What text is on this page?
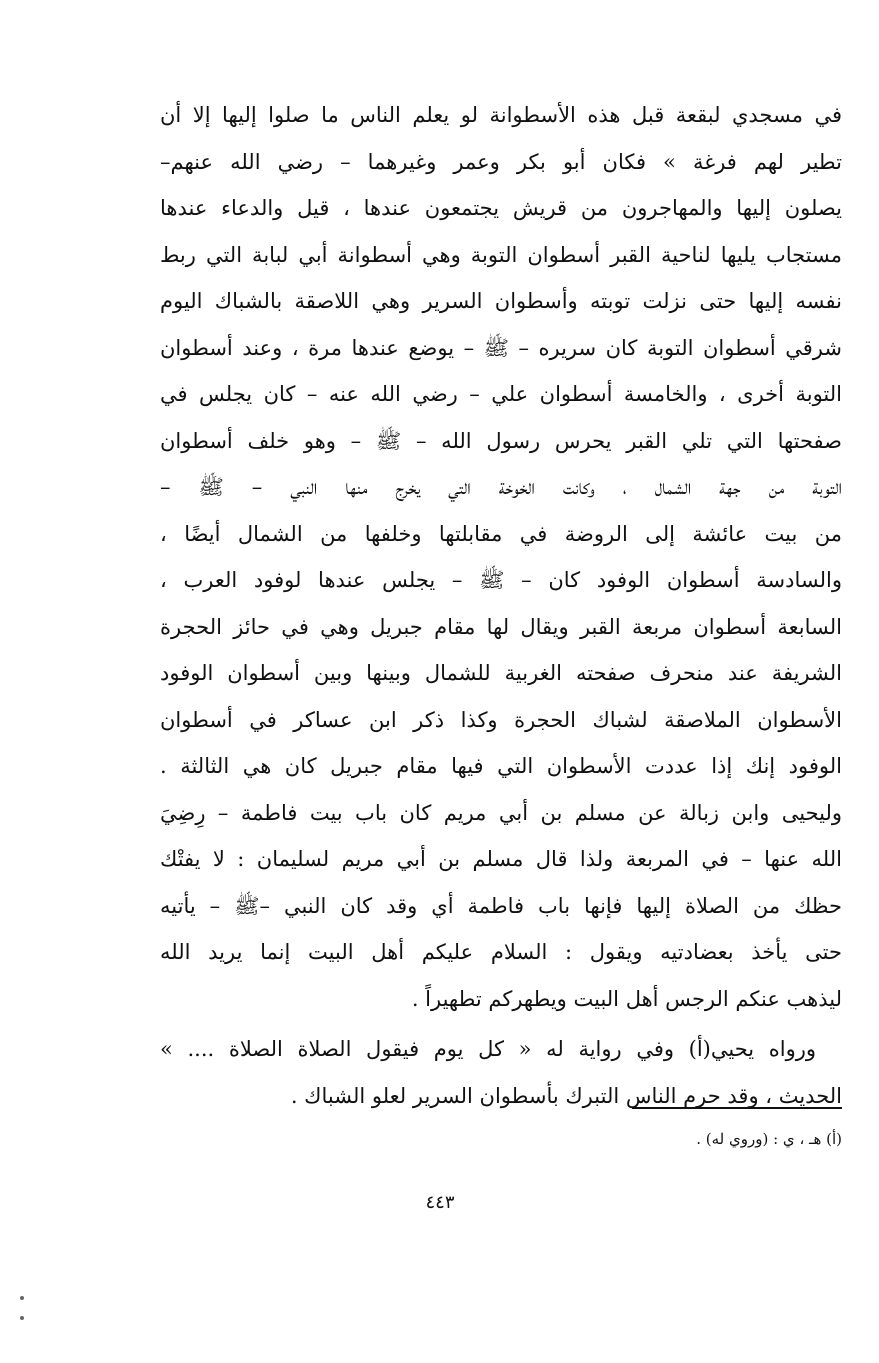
في مسجدي لبقعة قبل هذه الأسطوانة لو يعلم الناس ما صلوا إليها إلا أن
تطير لهم فرغة » فكان أبو بكر وعمر وغيرهما – رضي الله عنهم–
يصلون إليها والمهاجرون من قريش يجتمعون عندها ، قيل والدعاء عندها
مستجاب يليها لناحية القبر أسطوان التوبة وهي أسطوانة أبي لبابة التي ربط
نفسه إليها حتى نزلت توبته وأسطوان السرير وهي اللاصقة بالشباك اليوم
شرقي أسطوان التوبة كان سريره – ﷺ – يوضع عندها مرة ، وعند أسطوان
التوبة أخرى ، والخامسة أسطوان علي – رضي الله عنه – كان يجلس في
صفحتها التي تلي القبر يحرس رسول الله – ﷺ – وهو خلف أسطوان
التوبة من جهة الشمال ، وكانت الخوخة التي يخرج منها النبي – ﷺ –
من بيت عائشة إلى الروضة في مقابلتها وخلفها من الشمال أيضًا ،
والسادسة أسطوان الوفود كان – ﷺ – يجلس عندها لوفود العرب ،
السابعة أسطوان مربعة القبر ويقال لها مقام جبريل وهي في حائز الحجرة
الشريفة عند منحرف صفحته الغربية للشمال وبينها وبين أسطوان الوفود
الأسطوان الملاصقة لشباك الحجرة وكذا ذكر ابن عساكر في أسطوان
الوفود إنك إذا عددت الأسطوان التي فيها مقام جبريل كان هي الثالثة .
وليحيى وابن زبالة عن مسلم بن أبي مريم كان باب بيت فاطمة – رِضِيَ
الله عنها – في المربعة ولذا قال مسلم بن أبي مريم لسليمان : لا يفتْك
حظك من الصلاة إليها فإنها باب فاطمة أي وقد كان النبي –ﷺ – يأتيه
حتى يأخذ بعضادتيه ويقول : السلام عليكم أهل البيت إنما يريد الله
ليذهب عنكم الرجس أهل البيت ويطهركم تطهيراً .
ورواه يحيي(أ) وفي رواية له « كل يوم فيقول الصلاة الصلاة .... »
الحديث ، وقد حرم الناس التبرك بأسطوان السرير لعلو الشباك .
(أ) هـ ، ي : (وروي له) .
٤٤٣
